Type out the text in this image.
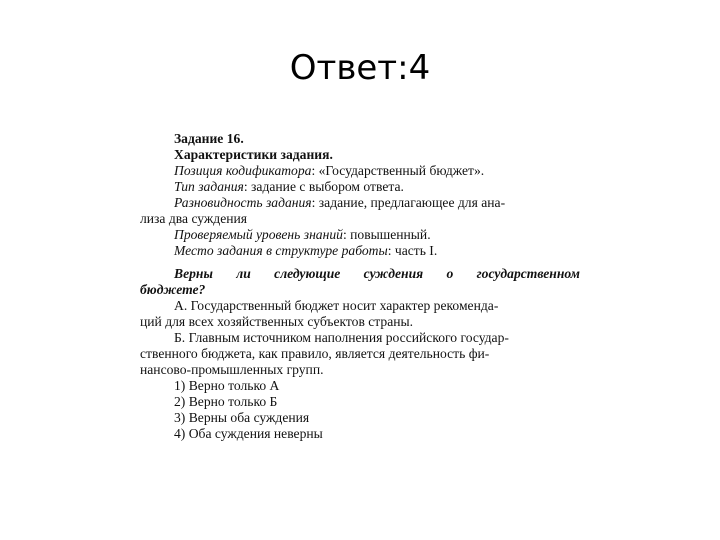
Ответ:4
Задание 16.
Характеристики задания.
Позиция кодификатора: «Государственный бюджет».
Тип задания: задание с выбором ответа.
Разновидность задания: задание, предлагающее для ана-
лиза два суждения
Проверяемый уровень знаний: повышенный.
Место задания в структуре работы: часть I.
Верны ли следующие суждения о государственном
бюджете?
А. Государственный бюджет носит характер рекоменда-
ций для всех хозяйственных субъектов страны.
Б. Главным источником наполнения российского государ-
ственного бюджета, как правило, является деятельность фи-
нансово-промышленных групп.
1) Верно только А
2) Верно только Б
3) Верны оба суждения
4) Оба суждения неверны
